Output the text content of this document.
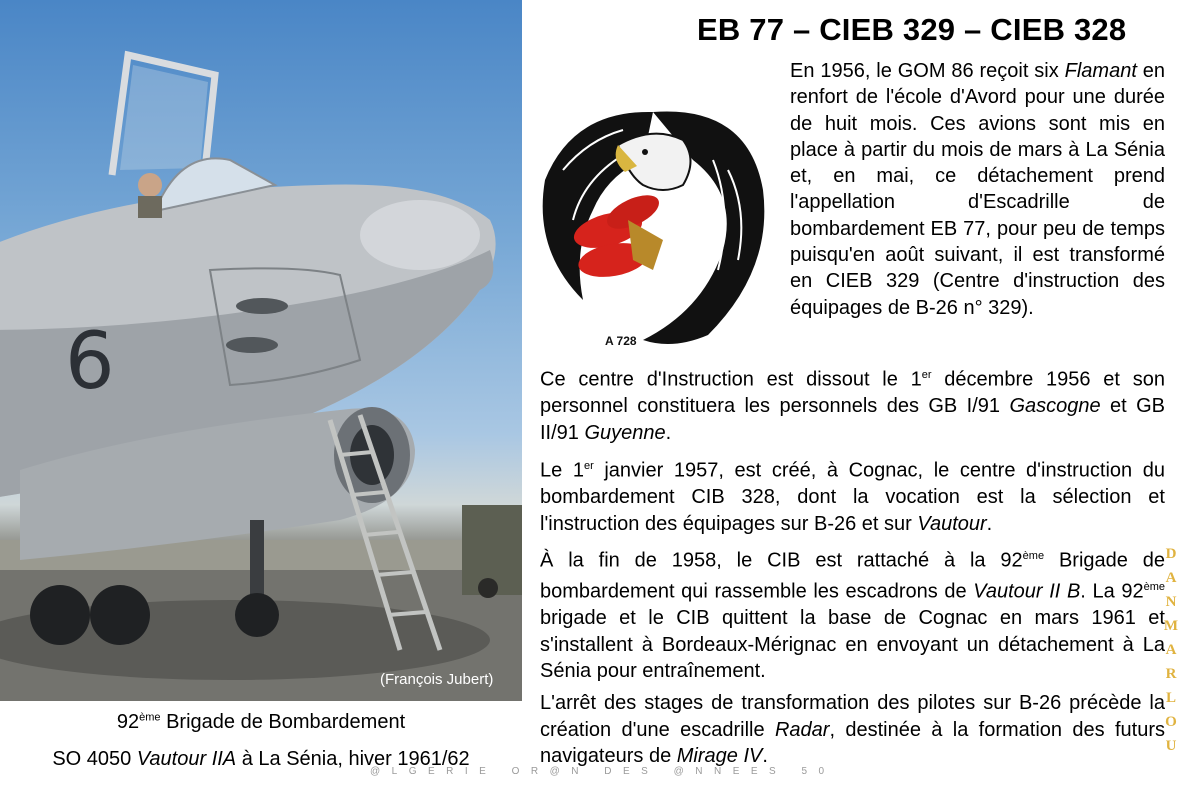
6
(François Jubert)
92ème Brigade de Bombardement
SO 4050 Vautour IIA à La Sénia, hiver 1961/62
EB 77 – CIEB 329 – CIEB 328
A 728
En 1956, le GOM 86 reçoit six Flamant en renfort de l'école d'Avord pour une durée de huit mois. Ces avions sont mis en place à partir du mois de mars à La Sénia et, en mai, ce détachement prend l'appellation d'Escadrille de bombardement EB 77, pour peu de temps puisqu'en août suivant, il est transformé en CIEB 329 (Centre d'instruction des équipages de B-26 n° 329).
Ce centre d'Instruction est dissout le 1er décembre 1956 et son personnel constituera les personnels des GB I/91 Gascogne et GB II/91 Guyenne.
Le 1er janvier 1957, est créé, à Cognac, le centre d'instruction du bombardement CIB 328, dont la vocation est la sélection et l'instruction des équipages sur B-26 et sur Vautour.
À la fin de 1958, le CIB est rattaché à la 92ème Brigade de bombardement qui rassemble les escadrons de Vautour II B. La 92ème brigade et le CIB quittent la base de Cognac en mars 1961 et s'installent à Bordeaux-Mérignac en envoyant un détachement à La Sénia pour entraînement.
L'arrêt des stages de transformation des pilotes sur B-26 précède la création d'une escadrille Radar, destinée à la formation des futurs navigateurs de Mirage IV.
D
A
N
M
A
R
L
O
U
@LGERIE OR@N DES @NNEES 50
